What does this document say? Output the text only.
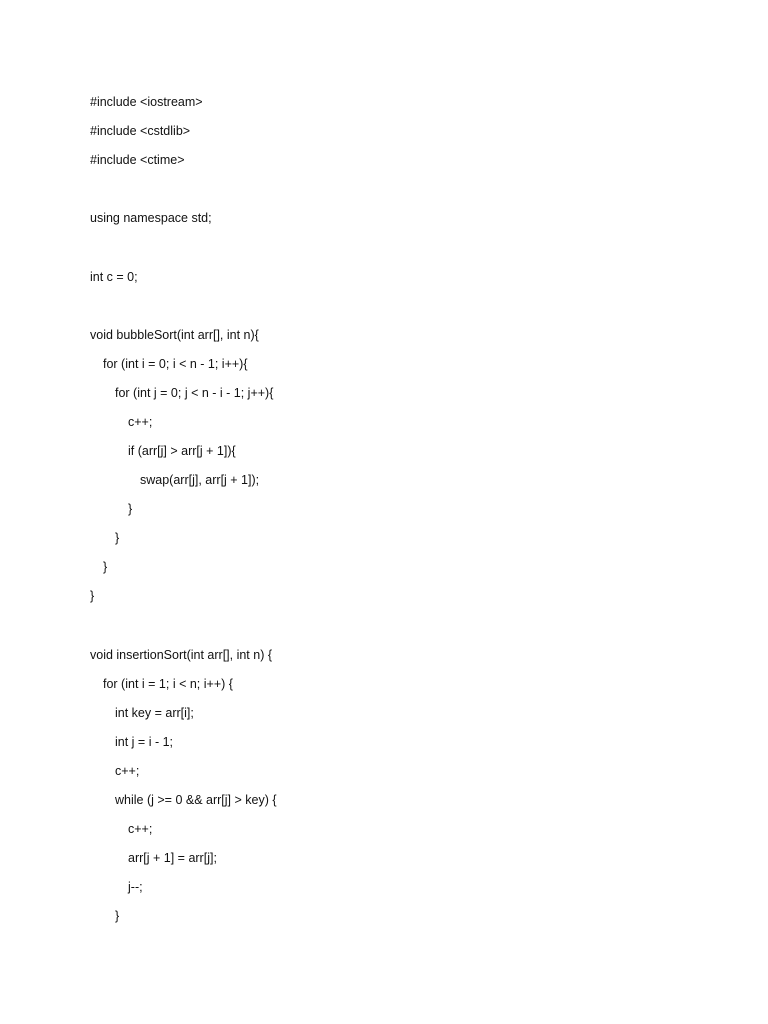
#include <iostream>
#include <cstdlib>
#include <ctime>
using namespace std;
int c = 0;
void bubbleSort(int arr[], int n){
for (int i = 0; i < n - 1; i++){
for (int j = 0; j < n - i - 1; j++){
c++;
if (arr[j] > arr[j + 1]){
swap(arr[j], arr[j + 1]);
}
}
}
}
void insertionSort(int arr[], int n) {
for (int i = 1; i < n; i++) {
int key = arr[i];
int j = i - 1;
c++;
while (j >= 0 && arr[j] > key) {
c++;
arr[j + 1] = arr[j];
j--;
}
